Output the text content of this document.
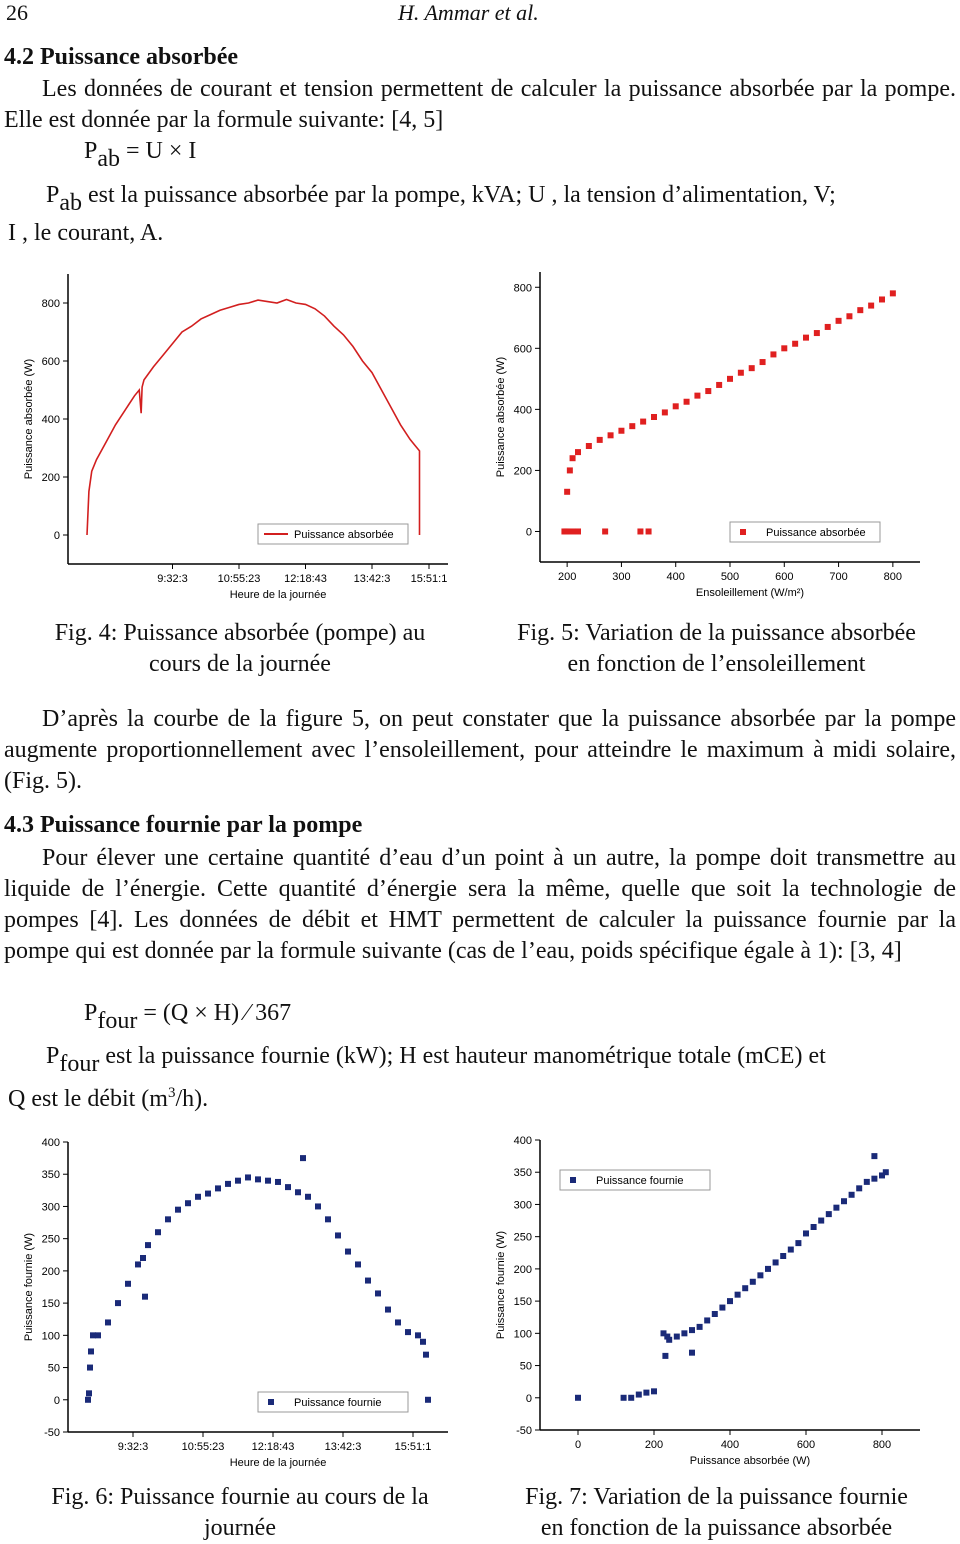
26	H. Ammar et al.
4.2 Puissance absorbée
Les données de courant et tension permettent de calculer la puissance absorbée par la pompe. Elle est donnée par la formule suivante: [4, 5]
$P_{ab} = U \times I$
$P_{ab}$ est la puissance absorbée par la pompe, kVA; U , la tension d’alimentation, V;
I , le courant, A.
0
200
400
600
800
9:32:3	10:55:23 12:18:43 13:42:3 15:51:1
Heure de la journée
Puissance absorbée (W)
Puissance absorbée
Fig. 4: Puissance absorbée (pompe) au
cours de la journée
0
200
400
600
800
200	300	400	500	600	700	800
Ensoleillement (W/m²)
Puissance absorbée (W)
Puissance absorbée
Fig. 5: Variation de la puissance absorbée
en fonction de l’ensoleillement
D’après la courbe de la figure 5, on peut constater que la puissance absorbée par la pompe augmente proportionnellement avec l’ensoleillement, pour atteindre le maximum à midi solaire, (Fig. 5).
4.3 Puissance fournie par la pompe
Pour élever une certaine quantité d’eau d’un point à un autre, la pompe doit transmettre au liquide de l’énergie. Cette quantité d’énergie sera la même, quelle que soit la technologie de pompes [4]. Les données de débit et HMT permettent de calculer la puissance fournie par la pompe qui est donnée par la formule suivante (cas de l’eau, poids spécifique égale à 1): [3, 4]
$P_{four} = (Q \times H)$ ⁄ 367
$P_{four}$ est la puissance fournie (kW); H est hauteur manométrique totale (mCE) et
Q est le débit $(m^3/h)$.
-50
0
50
100
150
200
250
300
350
400
9:32:3	10:55:23 12:18:43	13:42:3	15:51:1
Heure de la journée
Puissance fournie (W)
Puissance fournie
Fig. 6: Puissance fournie au cours de la
journée
-50
0
50
100
150
200
250
300
350
400
0	200	400	600	800
Puissance absorbée (W)
Puissance fournie (W)
Puissance fournie
Fig. 7: Variation de la puissance fournie
en fonction de la puissance absorbée
